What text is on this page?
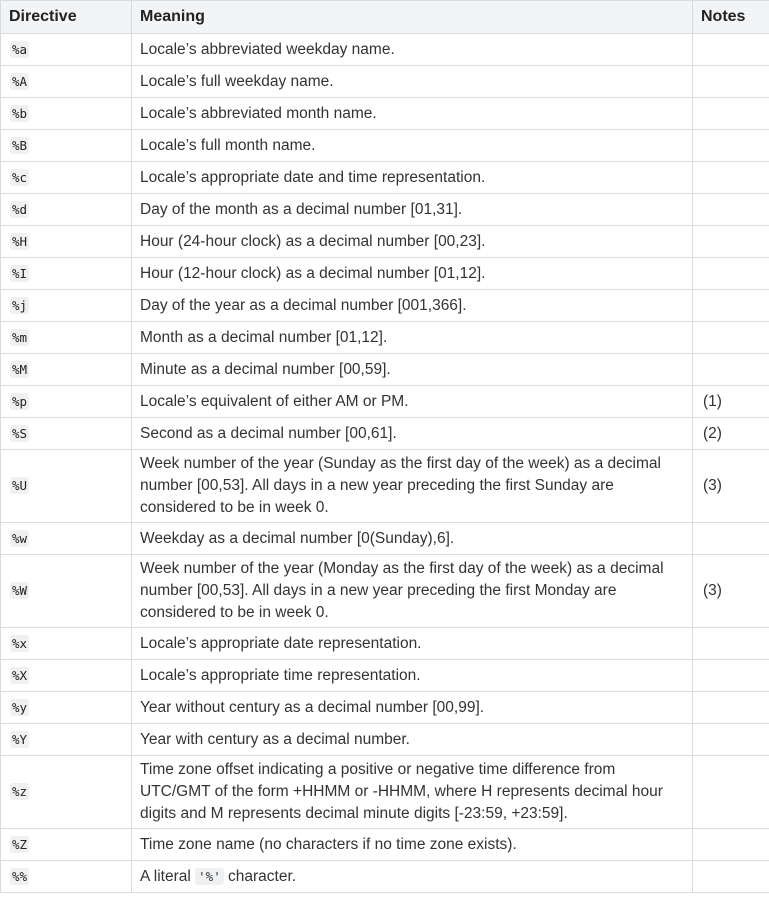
Directive	Meaning	Notes
%a	Locale’s abbreviated weekday name.	
%A	Locale’s full weekday name.	
%b	Locale’s abbreviated month name.	
%B	Locale’s full month name.	
%c	Locale’s appropriate date and time representation.	
%d	Day of the month as a decimal number [01,31].	
%H	Hour (24-hour clock) as a decimal number [00,23].	
%I	Hour (12-hour clock) as a decimal number [01,12].	
%j	Day of the year as a decimal number [001,366].	
%m	Month as a decimal number [01,12].	
%M	Minute as a decimal number [00,59].	
%p	Locale’s equivalent of either AM or PM.	(1)
%S	Second as a decimal number [00,61].	(2)
%U	Week number of the year (Sunday as the first day of the week) as a decimal number [00,53]. All days in a new year preceding the first Sunday are considered to be in week 0.	(3)
%w	Weekday as a decimal number [0(Sunday),6].	
%W	Week number of the year (Monday as the first day of the week) as a decimal number [00,53]. All days in a new year preceding the first Monday are considered to be in week 0.	(3)
%x	Locale’s appropriate date representation.	
%X	Locale’s appropriate time representation.	
%y	Year without century as a decimal number [00,99].	
%Y	Year with century as a decimal number.	
%z	Time zone offset indicating a positive or negative time difference from UTC/GMT of the form +HHMM or -HHMM, where H represents decimal hour digits and M represents decimal minute digits [-23:59, +23:59].	
%Z	Time zone name (no characters if no time zone exists).	
%%	A literal '%' character.	
